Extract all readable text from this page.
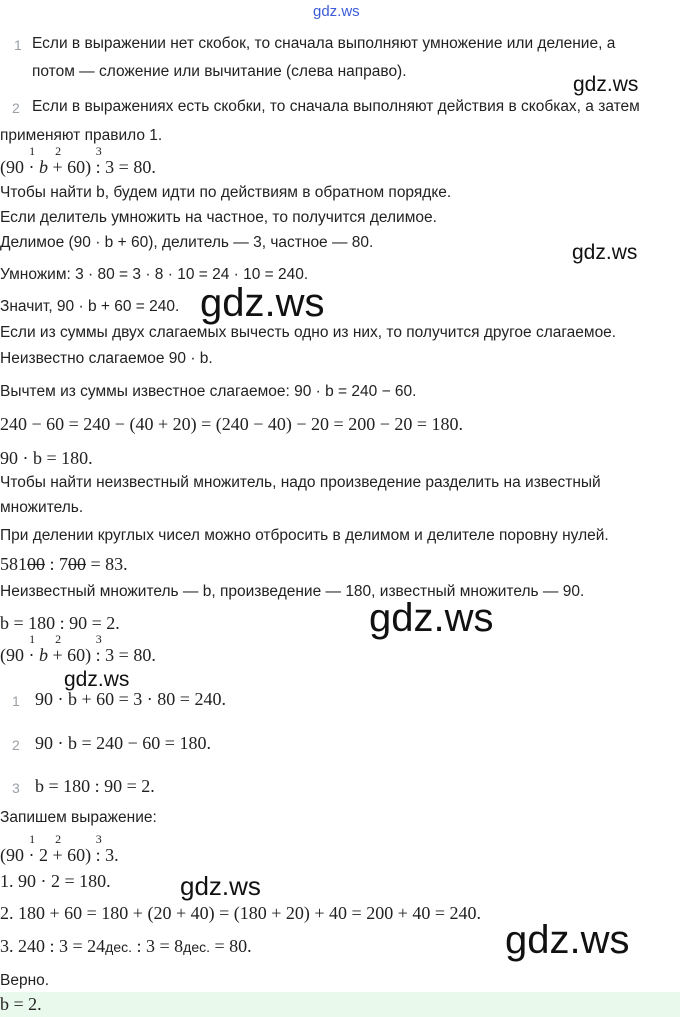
gdz.ws
1 Если в выражении нет скобок, то сначала выполняют умножение или деление, а
потом — сложение или вычитание (слева направо).
2 Если в выражениях есть скобки, то сначала выполняют действия в скобках, а затем
применяют правило 1.
gdz.ws
(90 ·
1
b +
2
60) :
3
3 = 80.
Чтобы найти b, будем идти по действиям в обратном порядке.
Если делитель умножить на частное, то получится делимое.
Делимое (90 · b + 60), делитель — 3, частное — 80.	gdz.ws
Умножим: 3 · 80 = 3 · 8 · 10 = 24 · 10 = 240.
Значит, 90 · b + 60 = 240. gdz.ws
Если из суммы двух слагаемых вычесть одно из них, то получится другое слагаемое.
Неизвестно слагаемое 90 · b.
Вычтем из суммы известное слагаемое: 90 · b = 240 − 60.
240 − 60 = 240 − (40 + 20) = (240 − 40) − 20 = 200 − 20 = 180.
90 · b = 180.
Чтобы найти неизвестный множитель, надо произведение разделить на известный
множитель.
При делении круглых чисел можно отбросить в делимом и делителе поровну нулей.
58100 : 700 = 83.
Неизвестный множитель — b, произведение — 180, известный множитель — 90.
b = 180 : 90 = 2.	gdz.ws
(90 ·
1
b +
2
60) :
3
3 = 80.
gdz.ws
1 90 · b + 60 = 3 · 80 = 240.
2 90 · b = 240 − 60 = 180.
3 b = 180 : 90 = 2.
Запишем выражение:
(90 ·
1
2 +
2
60) :
3
3.
1. 90 · 2 = 180.	gdz.ws
2. 180 + 60 = 180 + (20 + 40) = (180 + 20) + 40 = 200 + 40 = 240.
3. 240 : 3 = 24дес. : 3 = 8дес. = 80.	gdz.ws
Верно.
b = 2.
